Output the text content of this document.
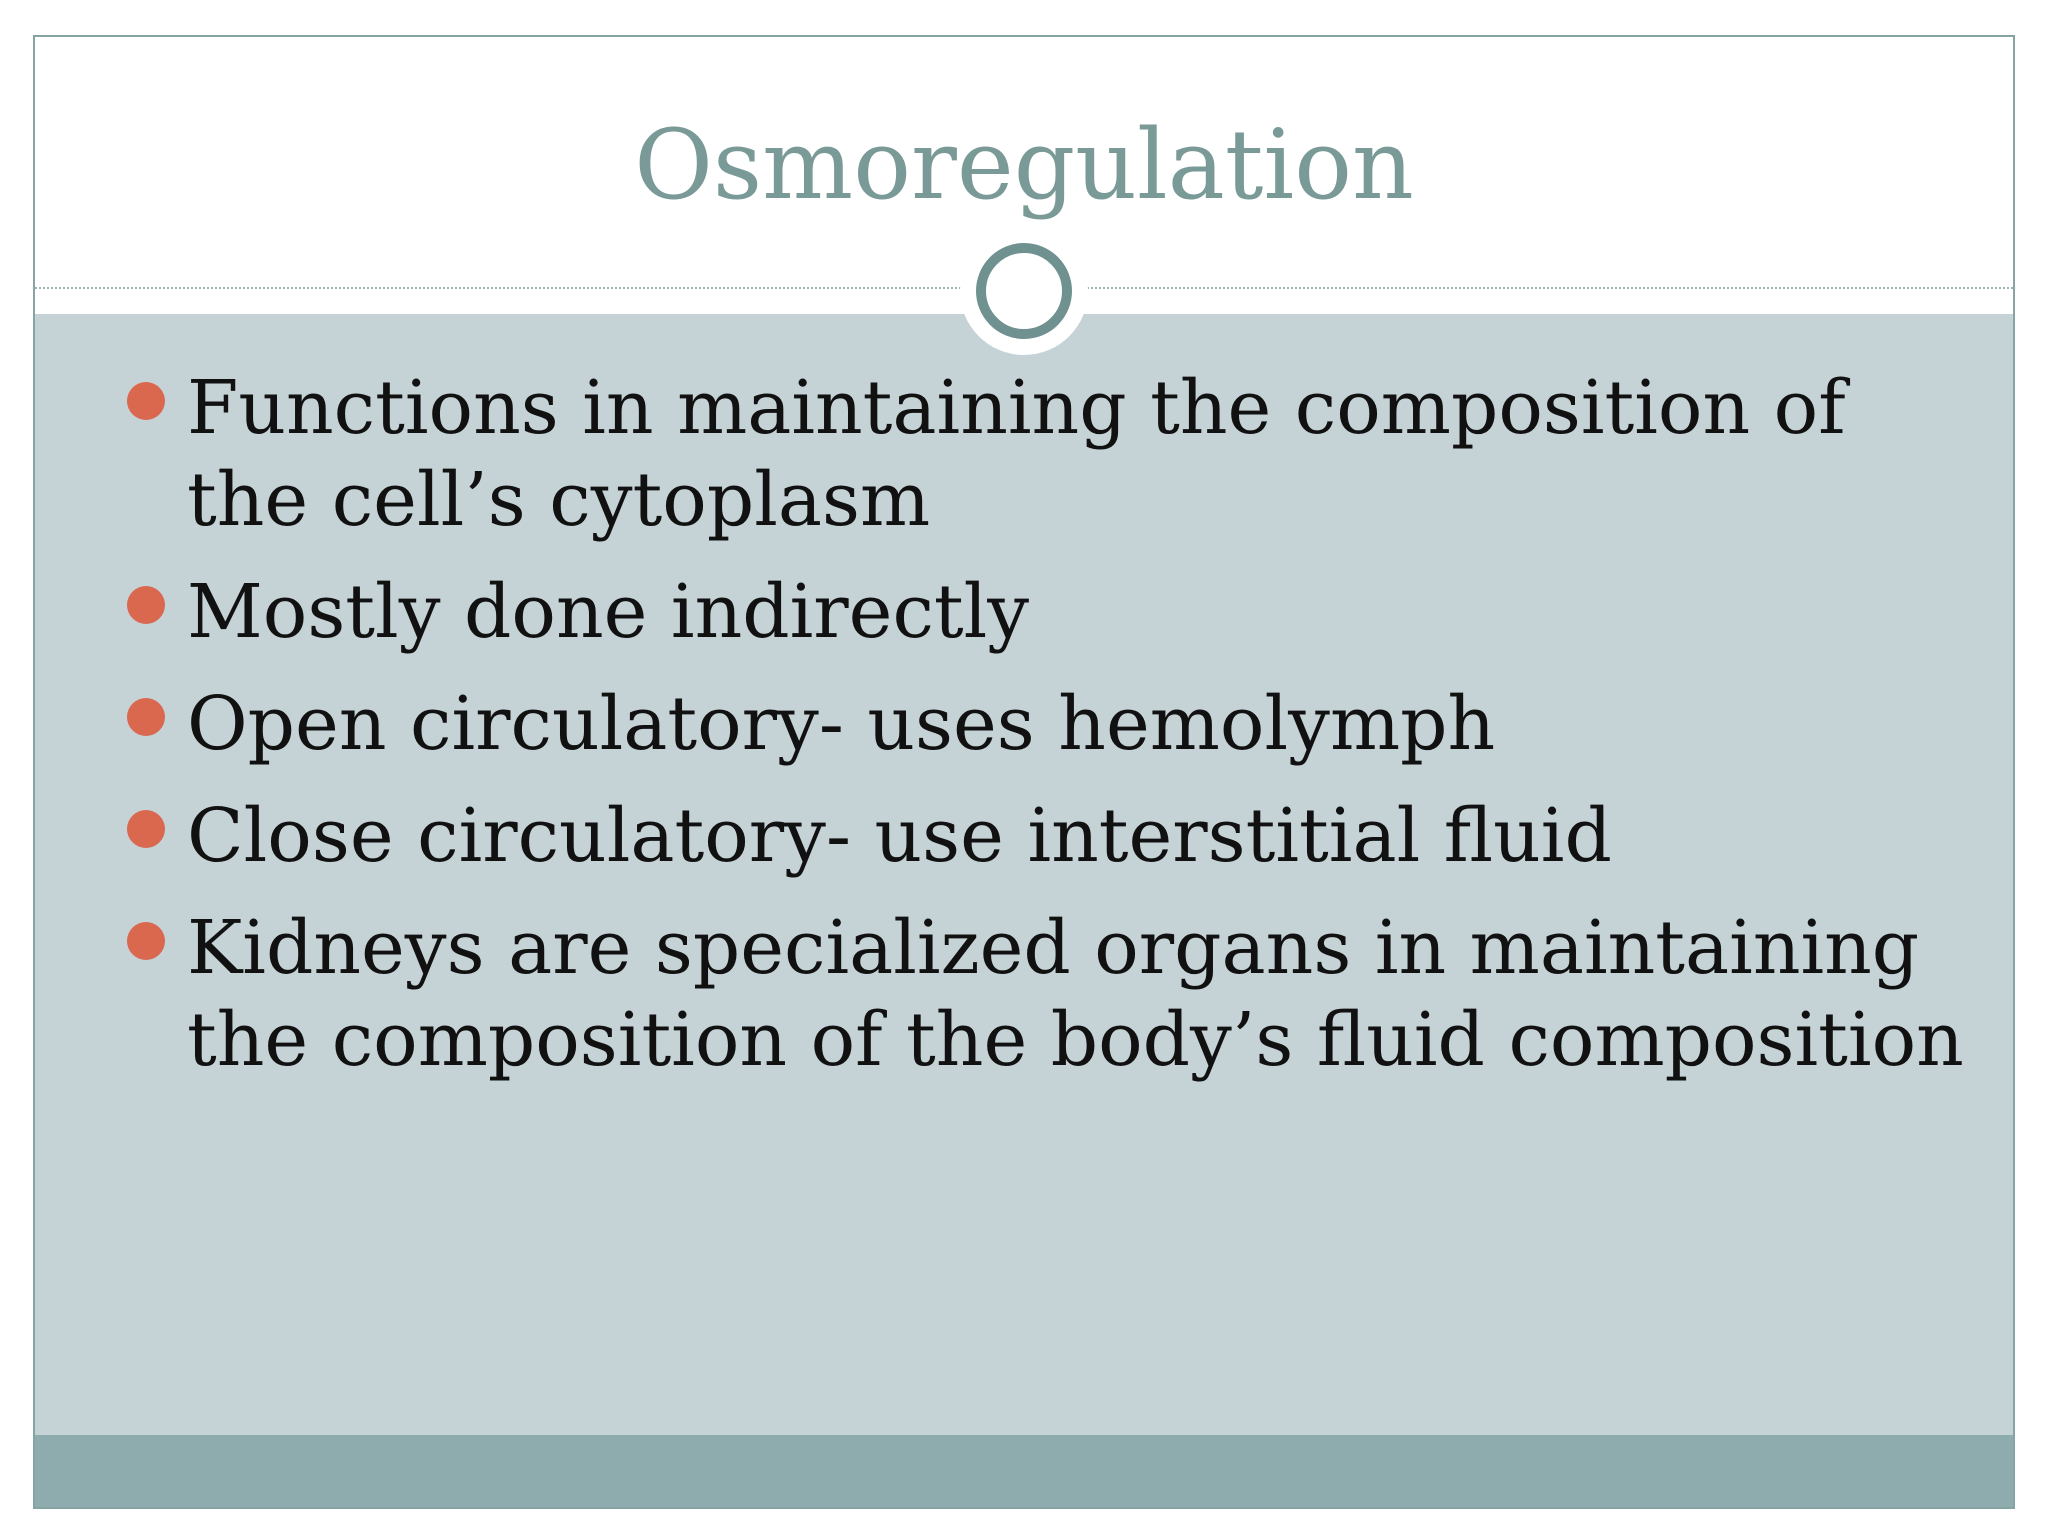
Osmoregulation
Functions in maintaining the composition of the cell’s cytoplasm
Mostly done indirectly
Open circulatory- uses hemolymph
Close circulatory- use interstitial fluid
Kidneys are specialized organs in maintaining the composition of the body’s fluid composition
